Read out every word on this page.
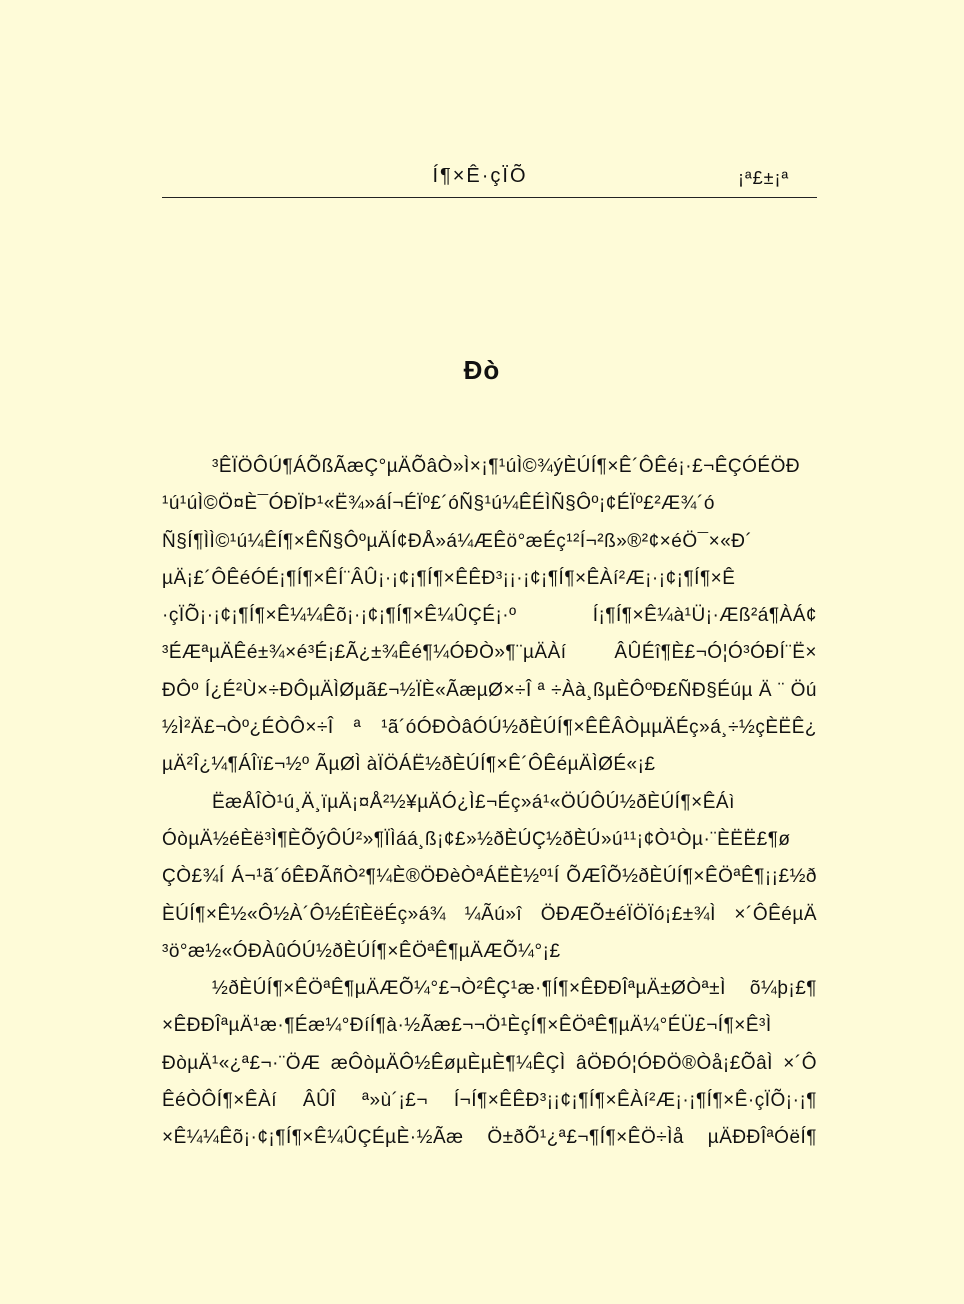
Í¶×Ê·çÏÕ	¡ª£±¡ª
Ðò
³ÊÏÖÔÚ¶ÁÕßÃæÇ°µÄÕâÒ»Ì×¡¶¹úÌ©¾ýÈÚÍ¶×Ê´ÔÊé¡·£¬ÊÇÓÉÖÐ
¹ú¹úÌ©Ö¤È¯ÓÐÏÞ¹«Ë¾»áÍ¬ÉÏº£´óÑ§¹ú¼ÊÉÌÑ§Ôº¡¢ÉÏº£²Æ¾´ó
Ñ§Í¶ÌÌ©¹ú¼ÊÍ¶×ÊÑ§ÔºµÄÍ¢ÐÅ»á¼ÆÊö°æÉç¹²Í¬²ß»®²¢×éÖ¯×«Ð´
µÄ¡£´ÔÊéÓÉ¡¶Í¶×ÊÍ¨ÂÛ¡·¡¢¡¶Í¶×ÊÊÐ³¡¡·¡¢¡¶Í¶×ÊÀí²Æ¡·¡¢¡¶Í¶×Ê
·çÏÕ¡·¡¢¡¶Í¶×Ê¼¼Êõ¡·¡¢¡¶Í¶×Ê¼ÛÇÉ¡·º Í¡¶Í¶×Ê¼à¹Ü¡·Æß²á¶ÀÁ¢
³ÉÆªµÄÊé±¾×é³É¡£Ã¿±¾Êé¶¼ÓÐÒ»¶¨µÄÀí ÂÛÉî¶È£¬Ó¦Ó³ÓÐÍ¨Ë×
ÐÔº Í¿É²Ù×÷ÐÔµÄÌØµã£¬½ÏÈ«ÃæµØ×÷Î ª ÷Àà¸ßµÈÔºÐ£ÑÐ§Éúµ Ä ¨ Öú
½Ì²Ä£¬Òº¿ÉÒÔ×÷Î ª ¹ã´óÓÐÒâÓÚ½ðÈÚÍ¶×ÊÊÂÒµµÄÉç»á¸÷½çÈËÊ¿
µÄ²Î¿¼¶ÁÎï£¬½º ÃµØÌ àÏÖÁË½ðÈÚÍ¶×Ê´ÔÊéµÄÌØÉ«¡£
ËæÅÎÒ¹ú¸Ä¸ïµÄ¡¤Å²½¥µÄÓ¿Ì£¬Éç»á¹«ÖÚÔÚ½ðÈÚÍ¶×ÊÁì
ÓòµÄ½éÈë³Ì¶ÈÕýÔÚ²»¶ÏÌáá¸ß¡¢£»½ðÈÚÇ½ðÈÚ»ú¹¹¡¢Ò¹Òµ·¨ÈËË£¶ø
ÇÒ£¾Í Á¬¹ã´óÊÐÃñÒ²¶¼È®ÖÐèÒªÁËÈ½º¹Í ÕÆÎÕ½ðÈÚÍ¶×ÊÖªÊ¶¡¡£½ð
ÈÚÍ¶×Ê½«Ô½À´Ô½ÉîÈëÉç»á¾ ¼Ãú»î ÖÐÆÕ±éÏÖÏó¡£±¾Ì ×´ÔÊéµÄ
³ö°æ½«ÓÐÀûÓÚ½ðÈÚÍ¶×ÊÖªÊ¶µÄÆÕ¼°¡£
½ðÈÚÍ¶×ÊÖªÊ¶µÄÆÕ¼°£¬Ò²ÊÇ¹æ·¶Í¶×ÊÐÐÎªµÄ±ØÒª±Ì õ¼þ¡£¶
×ÊÐÐÎªµÄ¹æ·¶Éæ¼°ÐíÍ¶à·½Ãæ£¬¬Ö¹ÈçÍ¶×ÊÖªÊ¶µÄ¼°ÉÜ£¬Í¶×Ê³Ì
ÐòµÄ¹«¿ª£¬·¨ÖÆ æÔòµÄÔ½ÊøµÈµÈ¶¼ÊÇÌ âÖÐÓ¦ÓÐÖ®Òå¡£ÕâÌ ×´Ô
ÊéÒÔÍ¶×ÊÀí ÂÛÎ ª»ù´¡£¬ Í¬Í¶×ÊÊÐ³¡¡¢¡¶Í¶×ÊÀí²Æ¡·¡¶Í¶×Ê·çÏÕ¡·¡¶
×Ê¼¼Êõ¡·¢¡¶Í¶×Ê¼ÛÇÉµÈ·½Ãæ Ö±ðÕ¹¿ª£¬¶Í¶×ÊÖ÷Ìå µÄÐÐÎªÓëÍ¶
